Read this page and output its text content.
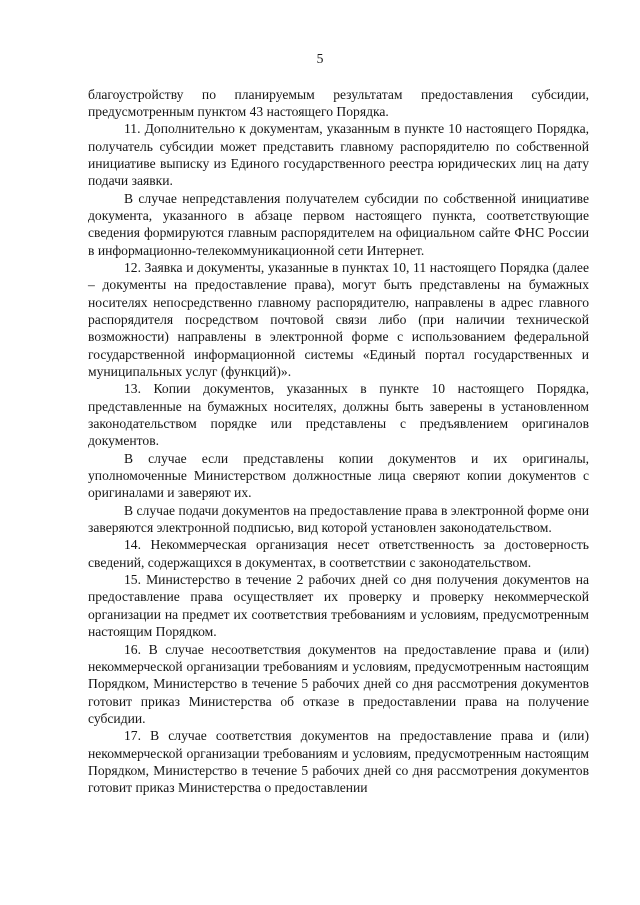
5

благоустройству по планируемым результатам предоставления субсидии, предусмотренным пунктом 43 настоящего Порядка.

11. Дополнительно к документам, указанным в пункте 10 настоящего Порядка, получатель субсидии может представить главному распорядителю по собственной инициативе выписку из Единого государственного реестра юридических лиц на дату подачи заявки.

В случае непредставления получателем субсидии по собственной инициативе документа, указанного в абзаце первом настоящего пункта, соответствующие сведения формируются главным распорядителем на официальном сайте ФНС России в информационно-телекоммуникационной сети Интернет.

12. Заявка и документы, указанные в пунктах 10, 11 настоящего Порядка (далее – документы на предоставление права), могут быть представлены на бумажных носителях непосредственно главному распорядителю, направлены в адрес главного распорядителя посредством почтовой связи либо (при наличии технической возможности) направлены в электронной форме с использованием федеральной государственной информационной системы «Единый портал государственных и муниципальных услуг (функций)».

13. Копии документов, указанных в пункте 10 настоящего Порядка, представленные на бумажных носителях, должны быть заверены в установленном законодательством порядке или представлены с предъявлением оригиналов документов.

В случае если представлены копии документов и их оригиналы, уполномоченные Министерством должностные лица сверяют копии документов с оригиналами и заверяют их.

В случае подачи документов на предоставление права в электронной форме они заверяются электронной подписью, вид которой установлен законодательством.

14. Некоммерческая организация несет ответственность за достоверность сведений, содержащихся в документах, в соответствии с законодательством.

15. Министерство в течение 2 рабочих дней со дня получения документов на предоставление права осуществляет их проверку и проверку некоммерческой организации на предмет их соответствия требованиям и условиям, предусмотренным настоящим Порядком.

16. В случае несоответствия документов на предоставление права и (или) некоммерческой организации требованиям и условиям, предусмотренным настоящим Порядком, Министерство в течение 5 рабочих дней со дня рассмотрения документов готовит приказ Министерства об отказе в предоставлении права на получение субсидии.

17. В случае соответствия документов на предоставление права и (или) некоммерческой организации требованиям и условиям, предусмотренным настоящим Порядком, Министерство в течение 5 рабочих дней со дня рассмотрения документов готовит приказ Министерства о предоставлении
